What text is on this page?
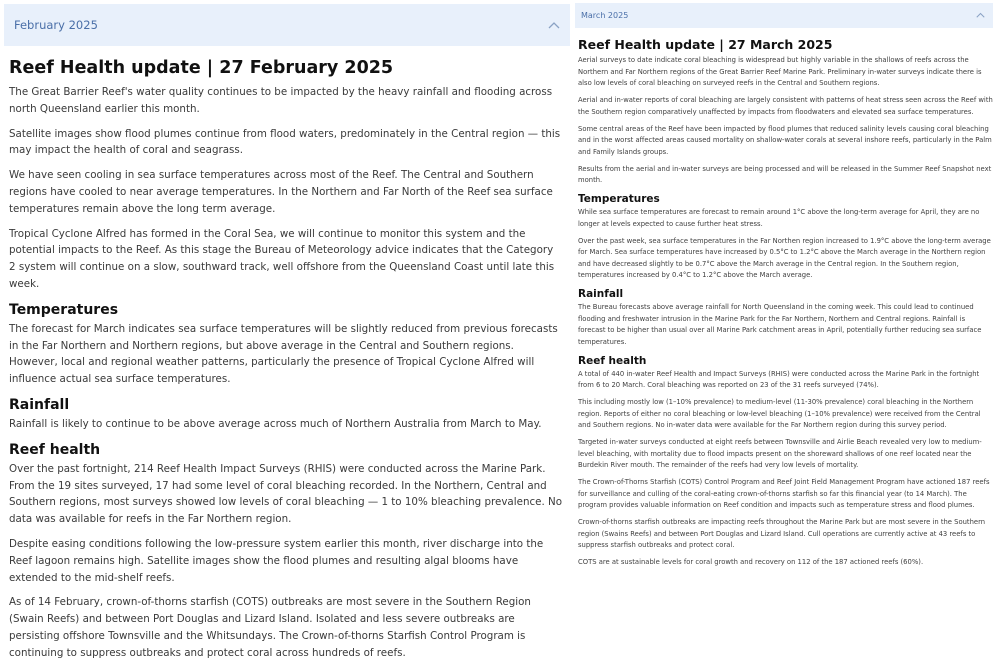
February 2025
Reef Health update | 27 February 2025

The Great Barrier Reef's water quality continues to be impacted by the heavy rainfall and flooding across north Queensland earlier this month.

Satellite images show flood plumes continue from flood waters, predominately in the Central region — this may impact the health of coral and seagrass.

We have seen cooling in sea surface temperatures across most of the Reef. The Central and Southern regions have cooled to near average temperatures. In the Northern and Far North of the Reef sea surface temperatures remain above the long term average.

Tropical Cyclone Alfred has formed in the Coral Sea, we will continue to monitor this system and the potential impacts to the Reef. As this stage the Bureau of Meteorology advice indicates that the Category 2 system will continue on a slow, southward track, well offshore from the Queensland Coast until late this week.

Temperatures

The forecast for March indicates sea surface temperatures will be slightly reduced from previous forecasts in the Far Northern and Northern regions, but above average in the Central and Southern regions. However, local and regional weather patterns, particularly the presence of Tropical Cyclone Alfred will influence actual sea surface temperatures.

Rainfall

Rainfall is likely to continue to be above average across much of Northern Australia from March to May.

Reef health

Over the past fortnight, 214 Reef Health Impact Surveys (RHIS) were conducted across the Marine Park. From the 19 sites surveyed, 17 had some level of coral bleaching recorded. In the Northern, Central and Southern regions, most surveys showed low levels of coral bleaching — 1 to 10% bleaching prevalence. No data was available for reefs in the Far Northern region.

Despite easing conditions following the low-pressure system earlier this month, river discharge into the Reef lagoon remains high. Satellite images show the flood plumes and resulting algal blooms have extended to the mid-shelf reefs.

As of 14 February, crown-of-thorns starfish (COTS) outbreaks are most severe in the Southern Region (Swain Reefs) and between Port Douglas and Lizard Island. Isolated and less severe outbreaks are persisting offshore Townsville and the Whitsundays. The Crown-of-thorns Starfish Control Program is continuing to suppress outbreaks and protect coral across hundreds of reefs.

March 2025
Reef Health update | 27 March 2025

Aerial surveys to date indicate coral bleaching is widespread but highly variable in the shallows of reefs across the Northern and Far Northern regions of the Great Barrier Reef Marine Park. Preliminary in-water surveys indicate there is also low levels of coral bleaching on surveyed reefs in the Central and Southern regions.

Aerial and in-water reports of coral bleaching are largely consistent with patterns of heat stress seen across the Reef with the Southern region comparatively unaffected by impacts from floodwaters and elevated sea surface temperatures.

Some central areas of the Reef have been impacted by flood plumes that reduced salinity levels causing coral bleaching and in the worst affected areas caused mortality on shallow-water corals at several inshore reefs, particularly in the Palm and Family Islands groups.

Results from the aerial and in-water surveys are being processed and will be released in the Summer Reef Snapshot next month.

Temperatures

While sea surface temperatures are forecast to remain around 1°C above the long-term average for April, they are no longer at levels expected to cause further heat stress.

Over the past week, sea surface temperatures in the Far Northen region increased to 1.9°C above the long-term average for March. Sea surface temperatures have increased by 0.5°C to 1.2°C above the March average in the Northern region and have decreased slightly to be 0.7°C above the March average in the Central region. In the Southern region, temperatures increased by 0.4°C to 1.2°C above the March average.

Rainfall

The Bureau forecasts above average rainfall for North Queensland in the coming week. This could lead to continued flooding and freshwater intrusion in the Marine Park for the Far Northern, Northern and Central regions. Rainfall is forecast to be higher than usual over all Marine Park catchment areas in April, potentially further reducing sea surface temperatures.

Reef health

A total of 440 in-water Reef Health and Impact Surveys (RHIS) were conducted across the Marine Park in the fortnight from 6 to 20 March. Coral bleaching was reported on 23 of the 31 reefs surveyed (74%).

This including mostly low (1–10% prevalence) to medium-level (11-30% prevalence) coral bleaching in the Northern region. Reports of either no coral bleaching or low-level bleaching (1–10% prevalence) were received from the Central and Southern regions. No in-water data were available for the Far Northern region during this survey period.

Targeted in-water surveys conducted at eight reefs between Townsville and Airlie Beach revealed very low to medium-level bleaching, with mortality due to flood impacts present on the shoreward shallows of one reef located near the Burdekin River mouth. The remainder of the reefs had very low levels of mortality.

The Crown-of-Thorns Starfish (COTS) Control Program and Reef Joint Field Management Program have actioned 187 reefs for surveillance and culling of the coral-eating crown-of-thorns starfish so far this financial year (to 14 March). The program provides valuable information on Reef condition and impacts such as temperature stress and flood plumes.

Crown-of-thorns starfish outbreaks are impacting reefs throughout the Marine Park but are most severe in the Southern region (Swains Reefs) and between Port Douglas and Lizard Island. Cull operations are currently active at 43 reefs to suppress starfish outbreaks and protect coral.

COTS are at sustainable levels for coral growth and recovery on 112 of the 187 actioned reefs (60%).
